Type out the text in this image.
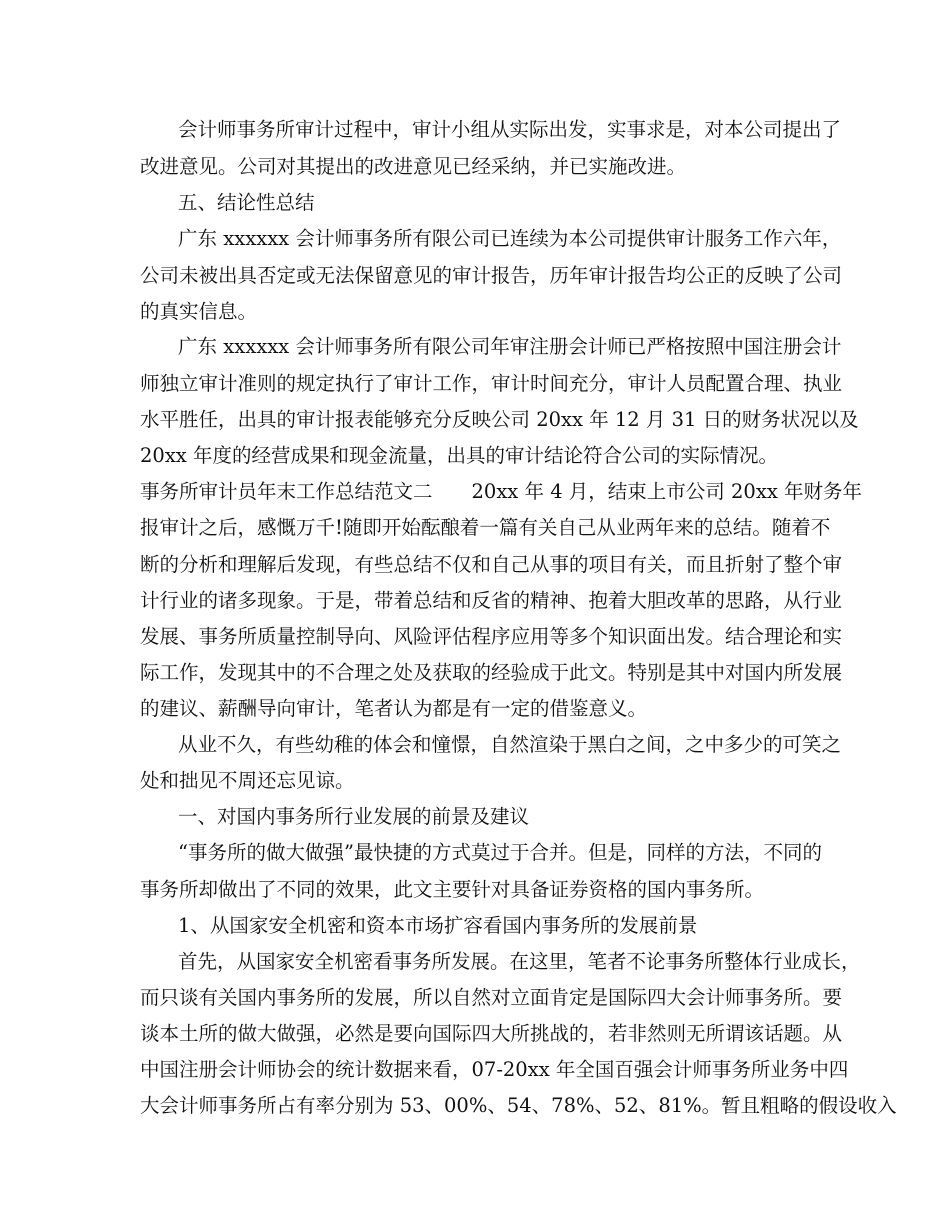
会计师事务所审计过程中，审计小组从实际出发，实事求是，对本公司提出了
改进意见。公司对其提出的改进意见已经采纳，并已实施改进。
五、结论性总结
广东 xxxxxx 会计师事务所有限公司已连续为本公司提供审计服务工作六年，
公司未被出具否定或无法保留意见的审计报告，历年审计报告均公正的反映了公司
的真实信息。
广东 xxxxxx 会计师事务所有限公司年审注册会计师已严格按照中国注册会计
师独立审计准则的规定执行了审计工作，审计时间充分，审计人员配置合理、执业
水平胜任，出具的审计报表能够充分反映公司 20xx 年 12 月 31 日的财务状况以及
20xx 年度的经营成果和现金流量，出具的审计结论符合公司的实际情况。
事务所审计员年末工作总结范文二　　20xx 年 4 月，结束上市公司 20xx 年财务年
报审计之后，感慨万千!随即开始酝酿着一篇有关自己从业两年来的总结。随着不
断的分析和理解后发现，有些总结不仅和自己从事的项目有关，而且折射了整个审
计行业的诸多现象。于是，带着总结和反省的精神、抱着大胆改革的思路，从行业
发展、事务所质量控制导向、风险评估程序应用等多个知识面出发。结合理论和实
际工作，发现其中的不合理之处及获取的经验成于此文。特别是其中对国内所发展
的建议、薪酬导向审计，笔者认为都是有一定的借鉴意义。
从业不久，有些幼稚的体会和憧憬，自然渲染于黑白之间，之中多少的可笑之
处和拙见不周还忘见谅。
一、对国内事务所行业发展的前景及建议
“事务所的做大做强”最快捷的方式莫过于合并。但是，同样的方法，不同的
事务所却做出了不同的效果，此文主要针对具备证券资格的国内事务所。
1、从国家安全机密和资本市场扩容看国内事务所的发展前景
首先，从国家安全机密看事务所发展。在这里，笔者不论事务所整体行业成长，
而只谈有关国内事务所的发展，所以自然对立面肯定是国际四大会计师事务所。要
谈本土所的做大做强，必然是要向国际四大所挑战的，若非然则无所谓该话题。从
中国注册会计师协会的统计数据来看，07-20xx 年全国百强会计师事务所业务中四
大会计师事务所占有率分别为 53、00%、54、78%、52、81%。暂且粗略的假设收入
